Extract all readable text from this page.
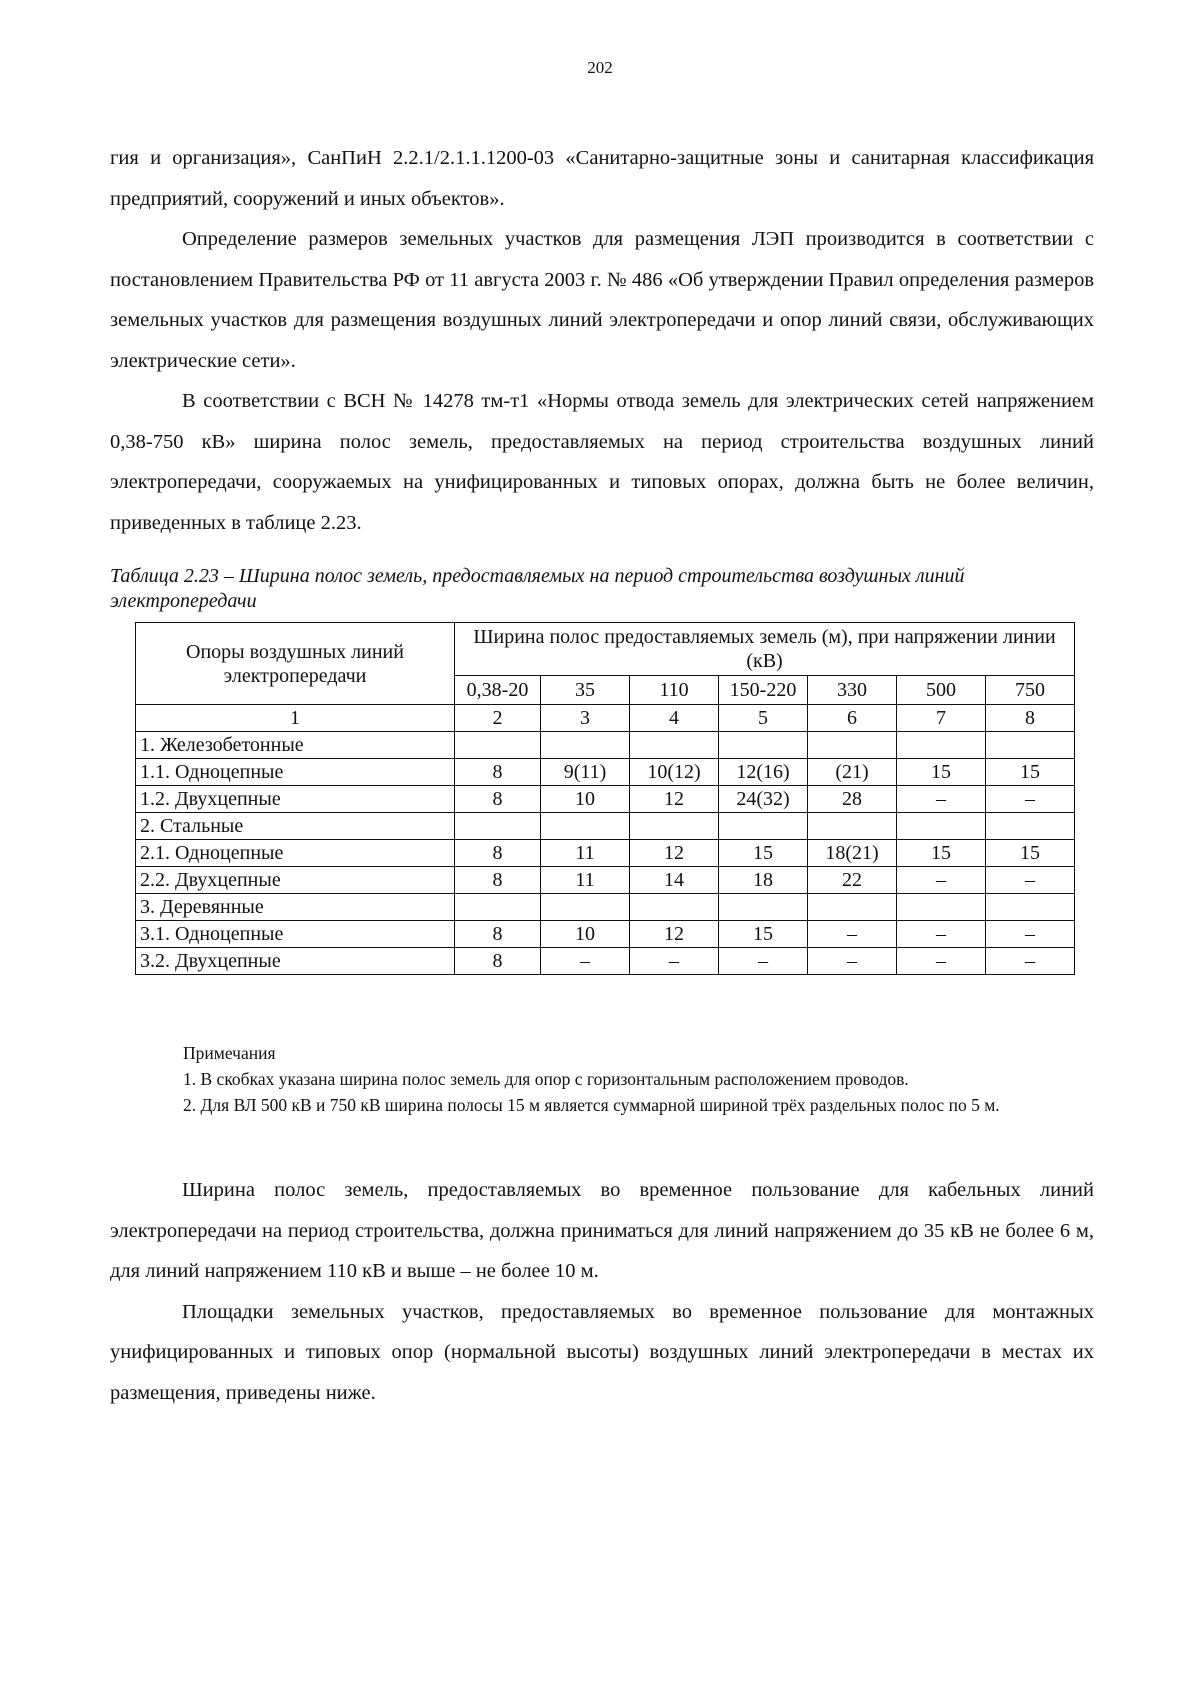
202

гия и организация», СанПиН 2.2.1/2.1.1.1200-03 «Санитарно-защитные зоны и санитарная классификация предприятий, сооружений и иных объектов».

Определение размеров земельных участков для размещения ЛЭП производится в соответствии с постановлением Правительства РФ от 11 августа 2003 г. № 486 «Об утверждении Правил определения размеров земельных участков для размещения воздушных линий электропередачи и опор линий связи, обслуживающих электрические сети».

В соответствии с ВСН № 14278 тм-т1 «Нормы отвода земель для электрических сетей напряжением 0,38-750 кВ» ширина полос земель, предоставляемых на период строительства воздушных линий электропередачи, сооружаемых на унифицированных и типовых опорах, должна быть не более величин, приведенных в таблице 2.23.

Таблица 2.23 – Ширина полос земель, предоставляемых на период строительства воздушных линий электропередачи
Опоры воздушных линий электропередачи	Ширина полос предоставляемых земель (м), при напряжении линии (кВ)						
	0,38-20	35	110	150-220	330	500	750
1	2	3	4	5	6	7	8
1. Железобетонные							
1.1. Одноцепные	8	9(11)	10(12)	12(16)	(21)	15	15
1.2. Двухцепные	8	10	12	24(32)	28	–	–
2. Стальные							
2.1. Одноцепные	8	11	12	15	18(21)	15	15
2.2. Двухцепные	8	11	14	18	22	–	–
3. Деревянные							
3.1. Одноцепные	8	10	12	15	–	–	–
3.2. Двухцепные	8	–	–	–	–	–	–
Примечания
1. В скобках указана ширина полос земель для опор с горизонтальным расположением проводов.
2. Для ВЛ 500 кВ и 750 кВ ширина полосы 15 м является суммарной шириной трёх раздельных полос по 5 м.

Ширина полос земель, предоставляемых во временное пользование для кабельных линий электропередачи на период строительства, должна приниматься для линий напряжением до 35 кВ не более 6 м, для линий напряжением 110 кВ и выше – не более 10 м.

Площадки земельных участков, предоставляемых во временное пользование для монтажных унифицированных и типовых опор (нормальной высоты) воздушных линий электропередачи в местах их размещения, приведены ниже.
